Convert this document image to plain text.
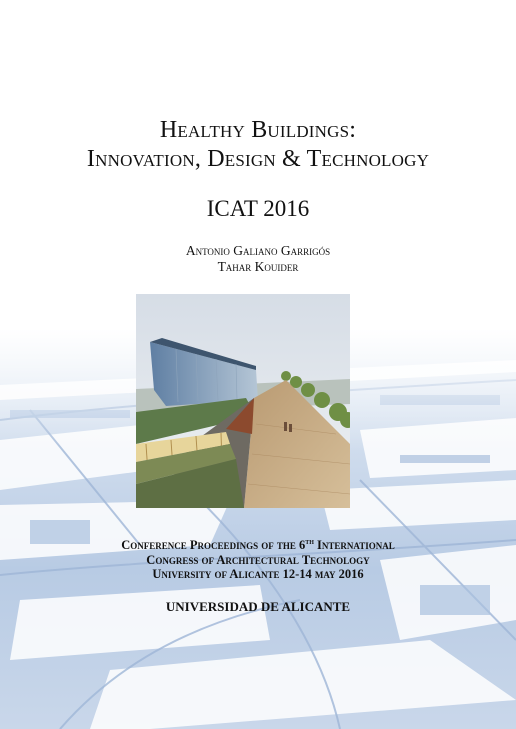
Healthy Buildings:
Innovation, Design & Technology
ICAT 2016
Antonio Galiano Garrigós
Tahar Kouider
Conference Proceedings of the 6th International
Congress of Architectural Technology
University of Alicante 12-14 may 2016
UNIVERSIDAD DE ALICANTE
